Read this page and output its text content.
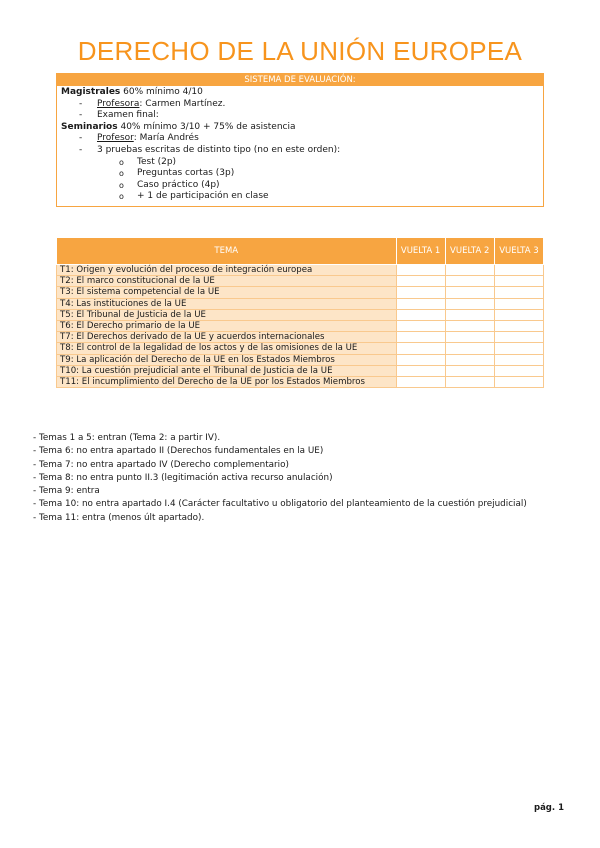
DERECHO DE LA UNIÓN EUROPEA
SISTEMA DE EVALUACIÓN:
Magistrales 60% mínimo 4/10
- Profesora: Carmen Martínez.
- Examen final:
Seminarios 40% mínimo 3/10 + 75% de asistencia
- Profesor: María Andrés
- 3 pruebas escritas de distinto tipo (no en este orden):
o Test (2p)
o Preguntas cortas (3p)
o Caso práctico (4p)
o + 1 de participación en clase
TEMA	VUELTA 1	VUELTA 2	VUELTA 3
T1: Origen y evolución del proceso de integración europea			
T2: El marco constitucional de la UE			
T3: El sistema competencial de la UE			
T4: Las instituciones de la UE			
T5: El Tribunal de Justicia de la UE			
T6: El Derecho primario de la UE			
T7: El Derechos derivado de la UE y acuerdos internacionales			
T8: El control de la legalidad de los actos y de las omisiones de la UE			
T9: La aplicación del Derecho de la UE en los Estados Miembros			
T10: La cuestión prejudicial ante el Tribunal de Justicia de la UE			
T11: El incumplimiento del Derecho de la UE por los Estados Miembros			
- Temas 1 a 5: entran (Tema 2: a partir IV).
- Tema 6: no entra apartado II (Derechos fundamentales en la UE)
- Tema 7: no entra apartado IV (Derecho complementario)
- Tema 8: no entra punto II.3 (legitimación activa recurso anulación)
- Tema 9: entra
- Tema 10: no entra apartado I.4 (Carácter facultativo u obligatorio del planteamiento de la cuestión prejudicial)
- Tema 11: entra (menos últ apartado).
pág. 1
